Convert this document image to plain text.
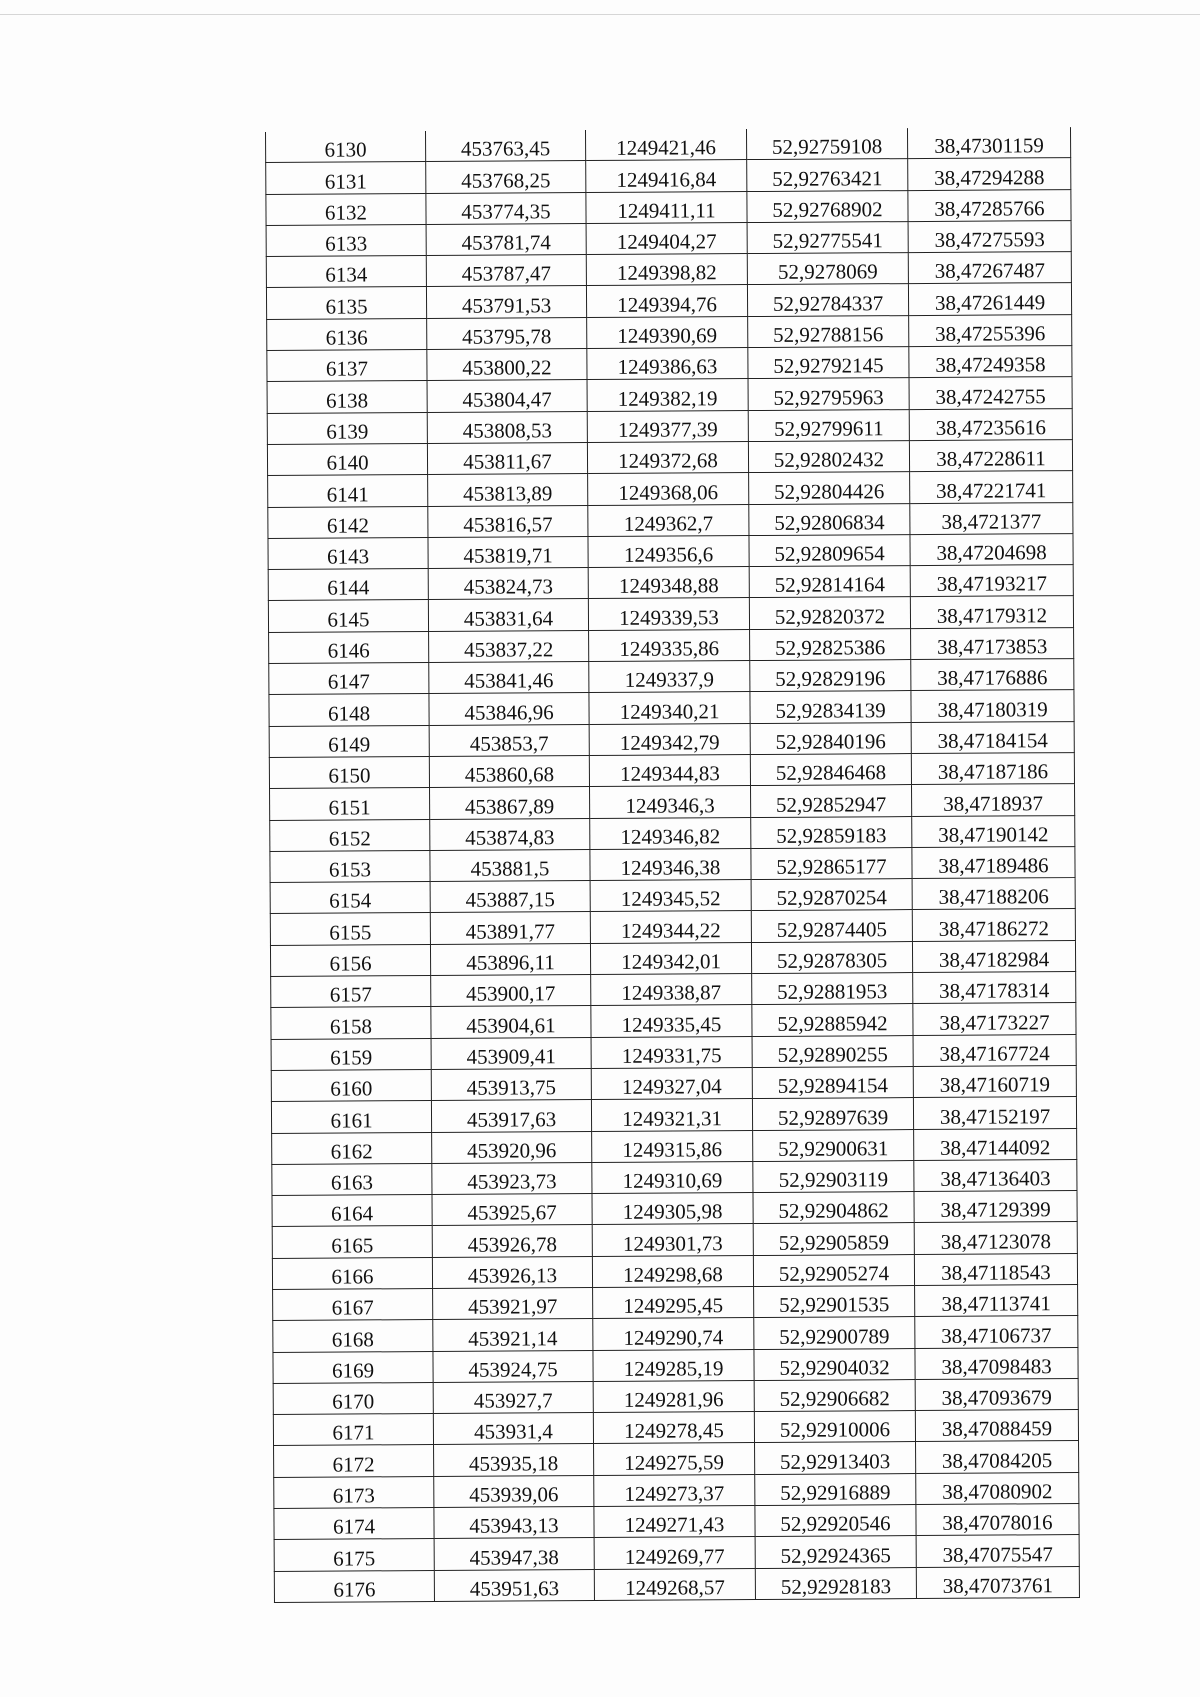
6130	453763,45	1249421,46	52,92759108	38,47301159
6131	453768,25	1249416,84	52,92763421	38,47294288
6132	453774,35	1249411,11	52,92768902	38,47285766
6133	453781,74	1249404,27	52,92775541	38,47275593
6134	453787,47	1249398,82	52,9278069	38,47267487
6135	453791,53	1249394,76	52,92784337	38,47261449
6136	453795,78	1249390,69	52,92788156	38,47255396
6137	453800,22	1249386,63	52,92792145	38,47249358
6138	453804,47	1249382,19	52,92795963	38,47242755
6139	453808,53	1249377,39	52,92799611	38,47235616
6140	453811,67	1249372,68	52,92802432	38,47228611
6141	453813,89	1249368,06	52,92804426	38,47221741
6142	453816,57	1249362,7	52,92806834	38,4721377
6143	453819,71	1249356,6	52,92809654	38,47204698
6144	453824,73	1249348,88	52,92814164	38,47193217
6145	453831,64	1249339,53	52,92820372	38,47179312
6146	453837,22	1249335,86	52,92825386	38,47173853
6147	453841,46	1249337,9	52,92829196	38,47176886
6148	453846,96	1249340,21	52,92834139	38,47180319
6149	453853,7	1249342,79	52,92840196	38,47184154
6150	453860,68	1249344,83	52,92846468	38,47187186
6151	453867,89	1249346,3	52,92852947	38,4718937
6152	453874,83	1249346,82	52,92859183	38,47190142
6153	453881,5	1249346,38	52,92865177	38,47189486
6154	453887,15	1249345,52	52,92870254	38,47188206
6155	453891,77	1249344,22	52,92874405	38,47186272
6156	453896,11	1249342,01	52,92878305	38,47182984
6157	453900,17	1249338,87	52,92881953	38,47178314
6158	453904,61	1249335,45	52,92885942	38,47173227
6159	453909,41	1249331,75	52,92890255	38,47167724
6160	453913,75	1249327,04	52,92894154	38,47160719
6161	453917,63	1249321,31	52,92897639	38,47152197
6162	453920,96	1249315,86	52,92900631	38,47144092
6163	453923,73	1249310,69	52,92903119	38,47136403
6164	453925,67	1249305,98	52,92904862	38,47129399
6165	453926,78	1249301,73	52,92905859	38,47123078
6166	453926,13	1249298,68	52,92905274	38,47118543
6167	453921,97	1249295,45	52,92901535	38,47113741
6168	453921,14	1249290,74	52,92900789	38,47106737
6169	453924,75	1249285,19	52,92904032	38,47098483
6170	453927,7	1249281,96	52,92906682	38,47093679
6171	453931,4	1249278,45	52,92910006	38,47088459
6172	453935,18	1249275,59	52,92913403	38,47084205
6173	453939,06	1249273,37	52,92916889	38,47080902
6174	453943,13	1249271,43	52,92920546	38,47078016
6175	453947,38	1249269,77	52,92924365	38,47075547
6176	453951,63	1249268,57	52,92928183	38,47073761
